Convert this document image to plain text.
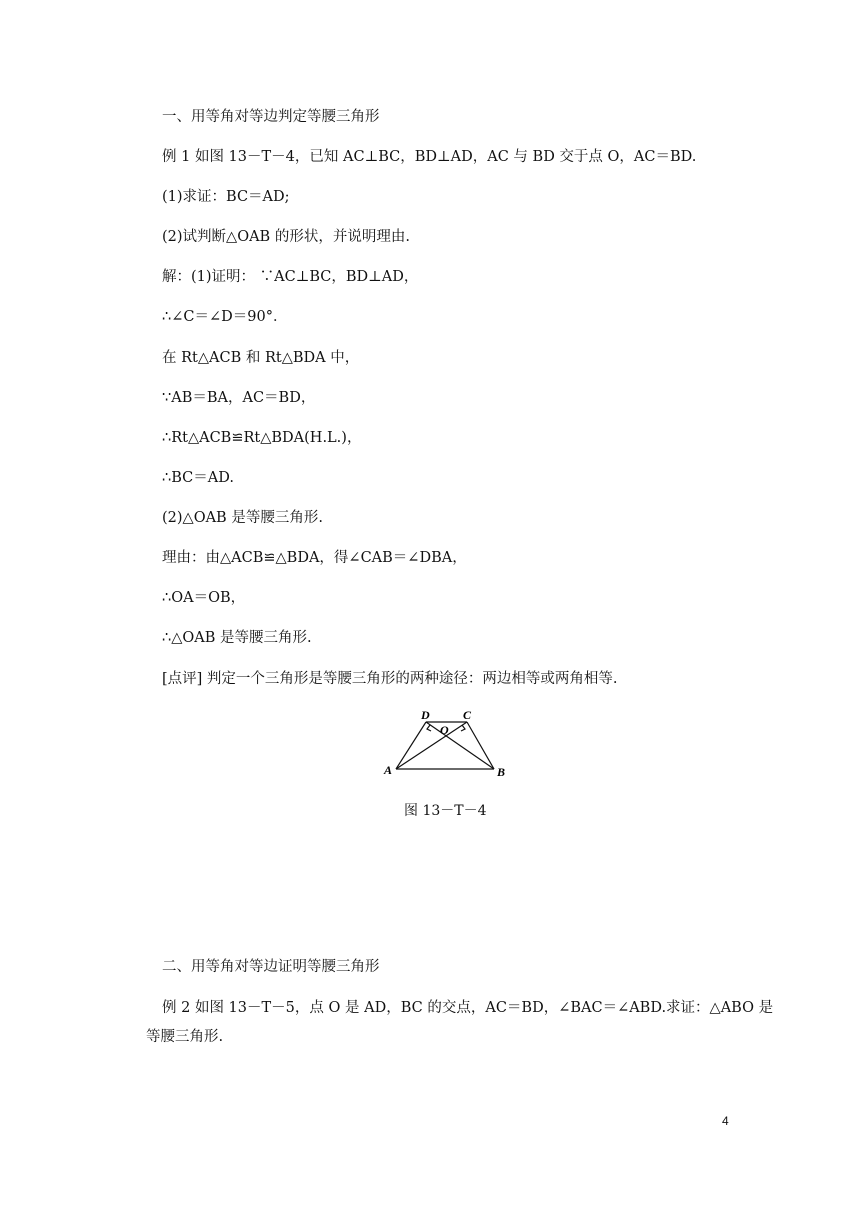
一、用等角对等边判定等腰三角形
例 1 如图 13－T－4，已知 AC⊥BC，BD⊥AD，AC 与 BD 交于点 O，AC＝BD.
(1)求证：BC＝AD;
(2)试判断△OAB 的形状，并说明理由.
解：(1)证明： ∵AC⊥BC，BD⊥AD，
∴∠C＝∠D＝90°．
在 Rt△ACB 和 Rt△BDA 中，
∵AB＝BA，AC＝BD，
∴Rt△ACB≌Rt△BDA(H.L.)，
∴BC＝AD.
(2)△OAB 是等腰三角形.
理由：由△ACB≌△BDA，得∠CAB＝∠DBA，
∴OA＝OB，
∴△OAB 是等腰三角形.
[点评] 判定一个三角形是等腰三角形的两种途径：两边相等或两角相等.
D	C
O
A	B
图 13－T－4
二、用等角对等边证明等腰三角形
例 2 如图 13－T－5，点 O 是 AD，BC 的交点，AC＝BD，∠BAC＝∠ABD.求证：△ABO 是
等腰三角形.
4
